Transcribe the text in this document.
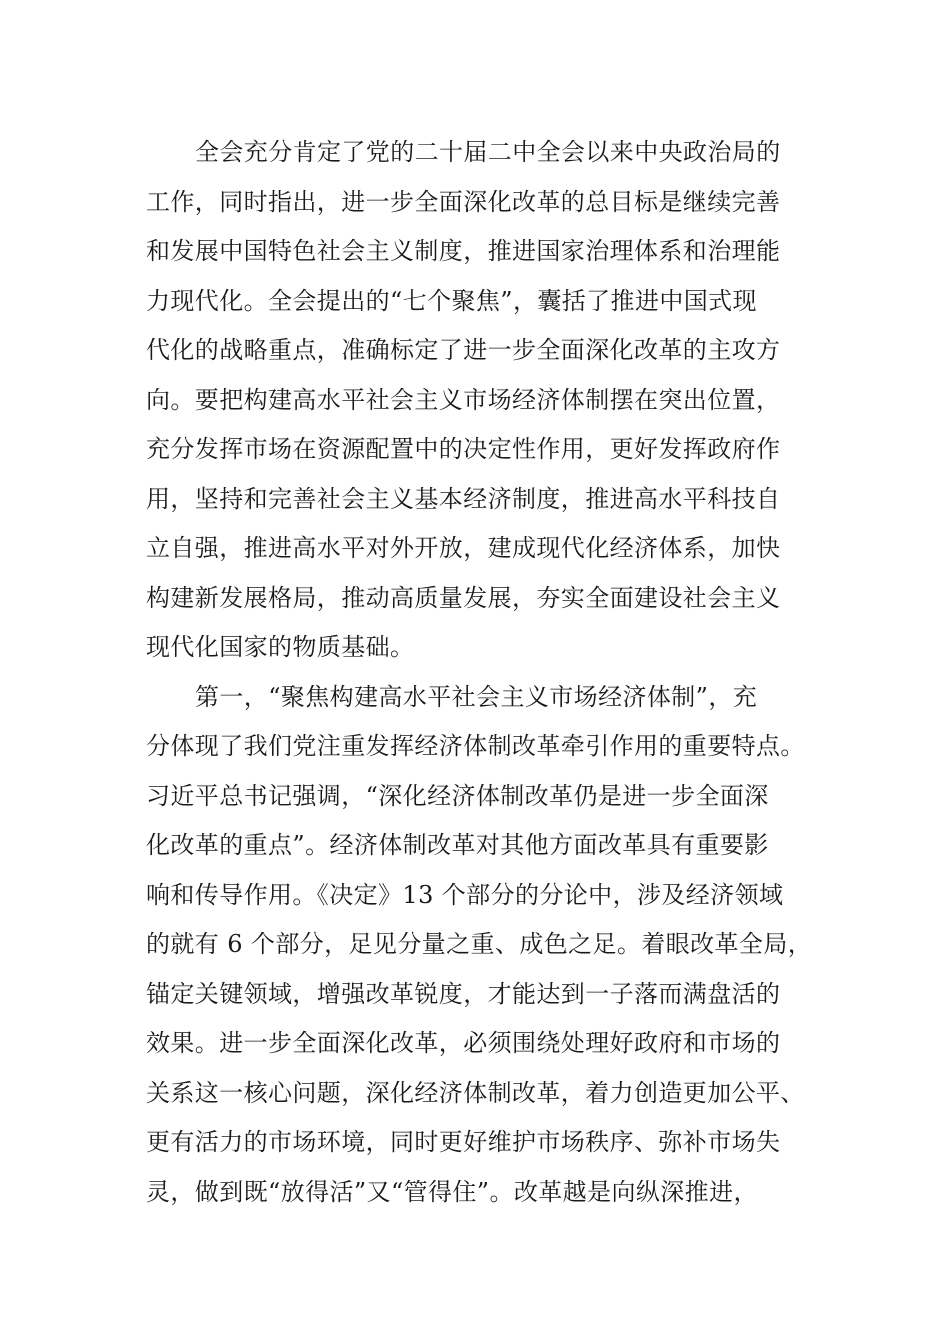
全会充分肯定了党的二十届二中全会以来中央政治局的
工作，同时指出，进一步全面深化改革的总目标是继续完善
和发展中国特色社会主义制度，推进国家治理体系和治理能
力现代化。全会提出的“七个聚焦”，囊括了推进中国式现
代化的战略重点，准确标定了进一步全面深化改革的主攻方
向。要把构建高水平社会主义市场经济体制摆在突出位置，
充分发挥市场在资源配置中的决定性作用，更好发挥政府作
用，坚持和完善社会主义基本经济制度，推进高水平科技自
立自强，推进高水平对外开放，建成现代化经济体系，加快
构建新发展格局，推动高质量发展，夯实全面建设社会主义
现代化国家的物质基础。
第一，“聚焦构建高水平社会主义市场经济体制”，充
分体现了我们党注重发挥经济体制改革牵引作用的重要特点。
习近平总书记强调，“深化经济体制改革仍是进一步全面深
化改革的重点”。经济体制改革对其他方面改革具有重要影
响和传导作用。《决定》13 个部分的分论中，涉及经济领域
的就有 6 个部分，足见分量之重、成色之足。着眼改革全局，
锚定关键领域，增强改革锐度，才能达到一子落而满盘活的
效果。进一步全面深化改革，必须围绕处理好政府和市场的
关系这一核心问题，深化经济体制改革，着力创造更加公平、
更有活力的市场环境，同时更好维护市场秩序、弥补市场失
灵，做到既“放得活”又“管得住”。改革越是向纵深推进，
